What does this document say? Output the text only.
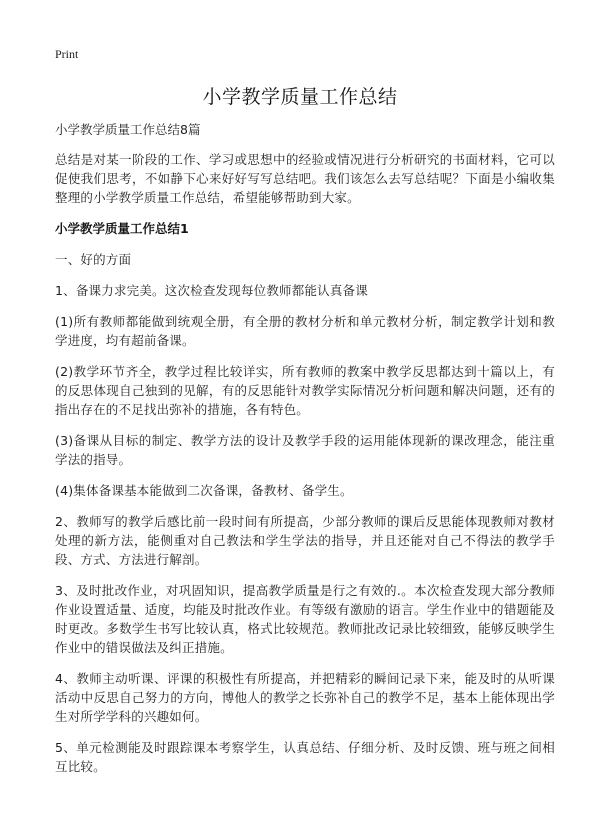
Print
小学教学质量工作总结
小学教学质量工作总结8篇

总结是对某一阶段的工作、学习或思想中的经验或情况进行分析研究的书面材料，它可以促使我们思考，不如静下心来好好写写总结吧。我们该怎么去写总结呢？下面是小编收集整理的小学教学质量工作总结，希望能够帮助到大家。

小学教学质量工作总结1

一、好的方面

1、备课力求完美。这次检查发现每位教师都能认真备课

(1)所有教师都能做到统观全册，有全册的教材分析和单元教材分析，制定教学计划和教学进度，均有超前备课。

(2)教学环节齐全，教学过程比较详实，所有教师的教案中教学反思都达到十篇以上，有的反思体现自己独到的见解，有的反思能针对教学实际情况分析问题和解决问题，还有的指出存在的不足找出弥补的措施，各有特色。

(3)备课从目标的制定、教学方法的设计及教学手段的运用能体现新的课改理念，能注重学法的指导。

(4)集体备课基本能做到二次备课，备教材、备学生。

2、教师写的教学后感比前一段时间有所提高，少部分教师的课后反思能体现教师对教材处理的新方法，能侧重对自己教法和学生学法的指导，并且还能对自己不得法的教学手段、方式、方法进行解剖。

3、及时批改作业，对巩固知识，提高教学质量是行之有效的.。本次检查发现大部分教师作业设置适量、适度，均能及时批改作业。有等级有激励的语言。学生作业中的错题能及时更改。多数学生书写比较认真，格式比较规范。教师批改记录比较细致，能够反映学生作业中的错误做法及纠正措施。

4、教师主动听课、评课的积极性有所提高，并把精彩的瞬间记录下来，能及时的从听课活动中反思自己努力的方向，博他人的教学之长弥补自己的教学不足，基本上能体现出学生对所学学科的兴趣如何。

5、单元检测能及时跟踪课本考察学生，认真总结、仔细分析、及时反馈、班与班之间相互比较。
